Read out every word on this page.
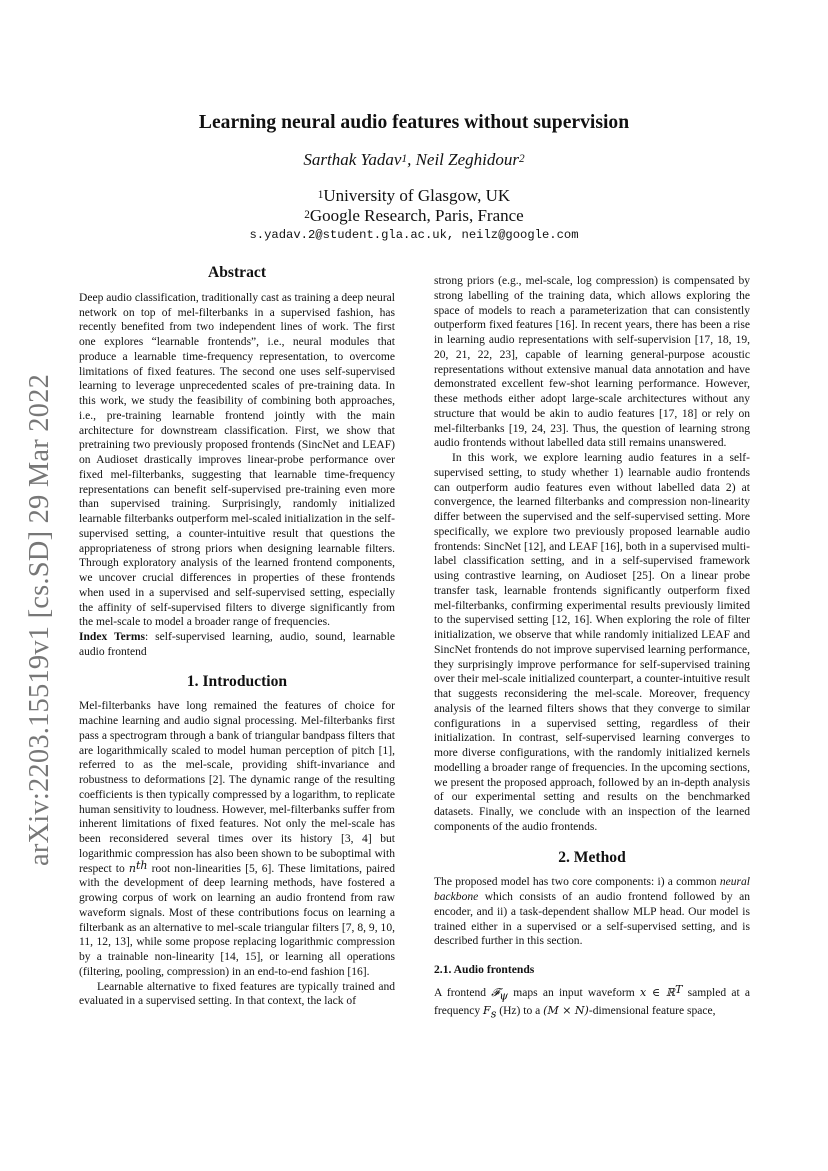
arXiv:2203.15519v1 [cs.SD] 29 Mar 2022
Learning neural audio features without supervision
Sarthak Yadav$^1$, Neil Zeghidour$^2$
$^1$University of Glasgow, UK
$^2$Google Research, Paris, France
s.yadav.2@student.gla.ac.uk, neilz@google.com
Abstract

Deep audio classification, traditionally cast as training a deep neural network on top of mel-filterbanks in a supervised fashion, has recently benefited from two independent lines of work. The first one explores “learnable frontends”, i.e., neural modules that produce a learnable time-frequency representation, to overcome limitations of fixed features. The second one uses self-supervised learning to leverage unprecedented scales of pre-training data. In this work, we study the feasibility of combining both approaches, i.e., pre-training learnable frontend jointly with the main architecture for downstream classification. First, we show that pretraining two previously proposed frontends (SincNet and LEAF) on Audioset drastically improves linear-probe performance over fixed mel-filterbanks, suggesting that learnable time-frequency representations can benefit self-supervised pre-training even more than supervised training. Surprisingly, randomly initialized learnable filterbanks outperform mel-scaled initialization in the self-supervised setting, a counter-intuitive result that questions the appropriateness of strong priors when designing learnable filters. Through exploratory analysis of the learned frontend components, we uncover crucial differences in properties of these frontends when used in a supervised and self-supervised setting, especially the affinity of self-supervised filters to diverge significantly from the mel-scale to model a broader range of frequencies.

Index Terms: self-supervised learning, audio, sound, learnable audio frontend

1. Introduction

Mel-filterbanks have long remained the features of choice for machine learning and audio signal processing. Mel-filterbanks first pass a spectrogram through a bank of triangular bandpass filters that are logarithmically scaled to model human perception of pitch [1], referred to as the mel-scale, providing shift-invariance and robustness to deformations [2]. The dynamic range of the resulting coefficients is then typically compressed by a logarithm, to replicate human sensitivity to loudness. However, mel-filterbanks suffer from inherent limitations of fixed features. Not only the mel-scale has been reconsidered several times over its history [3, 4] but logarithmic compression has also been shown to be suboptimal with respect to $n^{th}$ root non-linearities [5, 6]. These limitations, paired with the development of deep learning methods, have fostered a growing corpus of work on learning an audio frontend from raw waveform signals. Most of these contributions focus on learning a filterbank as an alternative to mel-scale triangular filters [7, 8, 9, 10, 11, 12, 13], while some propose replacing logarithmic compression by a trainable non-linearity [14, 15], or learning all operations (filtering, pooling, compression) in an end-to-end fashion [16].

Learnable alternative to fixed features are typically trained and evaluated in a supervised setting. In that context, the lack of

strong priors (e.g., mel-scale, log compression) is compensated by strong labelling of the training data, which allows exploring the space of models to reach a parameterization that can consistently outperform fixed features [16]. In recent years, there has been a rise in learning audio representations with self-supervision [17, 18, 19, 20, 21, 22, 23], capable of learning general-purpose acoustic representations without extensive manual data annotation and have demonstrated excellent few-shot learning performance. However, these methods either adopt large-scale architectures without any structure that would be akin to audio features [17, 18] or rely on mel-filterbanks [19, 24, 23]. Thus, the question of learning strong audio frontends without labelled data still remains unanswered.

In this work, we explore learning audio features in a self-supervised setting, to study whether 1) learnable audio frontends can outperform audio features even without labelled data 2) at convergence, the learned filterbanks and compression non-linearity differ between the supervised and the self-supervised setting. More specifically, we explore two previously proposed learnable audio frontends: SincNet [12], and LEAF [16], both in a supervised multi-label classification setting, and in a self-supervised framework using contrastive learning, on Audioset [25]. On a linear probe transfer task, learnable frontends significantly outperform fixed mel-filterbanks, confirming experimental results previously limited to the supervised setting [12, 16]. When exploring the role of filter initialization, we observe that while randomly initialized LEAF and SincNet frontends do not improve supervised learning performance, they surprisingly improve performance for self-supervised training over their mel-scale initialized counterpart, a counter-intuitive result that suggests reconsidering the mel-scale. Moreover, frequency analysis of the learned filters shows that they converge to similar configurations in a supervised setting, regardless of their initialization. In contrast, self-supervised learning converges to more diverse configurations, with the randomly initialized kernels modelling a broader range of frequencies. In the upcoming sections, we present the proposed approach, followed by an in-depth analysis of our experimental setting and results on the benchmarked datasets. Finally, we conclude with an inspection of the learned components of the audio frontends.

2. Method

The proposed model has two core components: i) a common neural backbone which consists of an audio frontend followed by an encoder, and ii) a task-dependent shallow MLP head. Our model is trained either in a supervised or a self-supervised setting, and is described further in this section.

2.1. Audio frontends

A frontend 𝓕$_\psi$ maps an input waveform x ∈ ℝ$^T$ sampled at a frequency $F_s$ (Hz) to a (M × N)-dimensional feature space,
